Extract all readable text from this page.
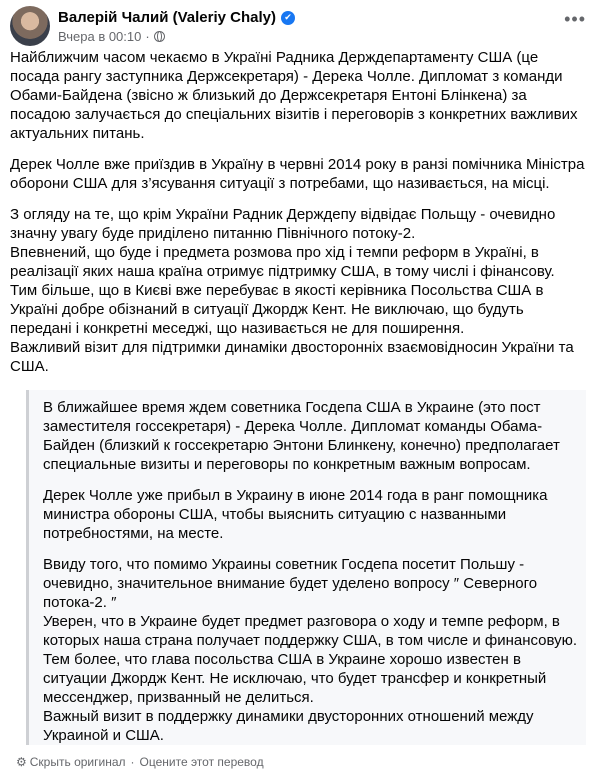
Валерій Чалий (Valeriy Chaly) ✔
Вчера в 00:10 ·
•••

Найближчим часом чекаємо в Україні Радника Держдепартаменту США (це посада рангу заступника Держсекретаря) - Дерека Чолле. Дипломат з команди Обами-Байдена (звісно ж близький до Держсекретаря Ентоні Блінкена) за посадою залучається до спеціальних візитів і переговорів з конкретних важливих актуальних питань.

Дерек Чолле вже приїздив в Україну в червні 2014 року в ранзі помічника Міністра оборони США для з’ясування ситуації з потребами, що називається, на місці.

З огляду на те, що крім України Радник Держдепу відвідає Польщу - очевидно значну увагу буде приділено питанню Північного потоку-2.

Впевнений, що буде і предмета розмова про хід і темпи реформ в Україні, в реалізації яких наша країна отримує підтримку США, в тому числі і фінансову. Тим більше, що в Києві вже перебуває в якості керівника Посольства США в Україні добре обізнаний в ситуації Джордж Кент. Не виключаю, що будуть передані і конкретні меседжі, що називається не для поширення.

Важливий візит для підтримки динаміки двосторонніх взаємовідносин України та США.

В ближайшее время ждем советника Госдепа США в Украине (это пост заместителя госсекретаря) - Дерека Чолле. Дипломат команды Обама-Байден (близкий к госсекретарю Энтони Блинкену, конечно) предполагает специальные визиты и переговоры по конкретным важным вопросам.

Дерек Чолле уже прибыл в Украину в июне 2014 года в ранг помощника министра обороны США, чтобы выяснить ситуацию с названными потребностями, на месте.

Ввиду того, что помимо Украины советник Госдепа посетит Польшу - очевидно, значительное внимание будет уделено вопросу ″ Северного потока-2. ″

Уверен, что в Украине будет предмет разговора о ходу и темпе реформ, в которых наша страна получает поддержку США, в том числе и финансовую. Тем более, что глава посольства США в Украине хорошо известен в ситуации Джордж Кент. Не исключаю, что будет трансфер и конкретный мессенджер, призванный не делиться.

Важный визит в поддержку динамики двусторонних отношений между Украиной и США.

⚙ Скрыть оригинал · Оцените этот перевод
